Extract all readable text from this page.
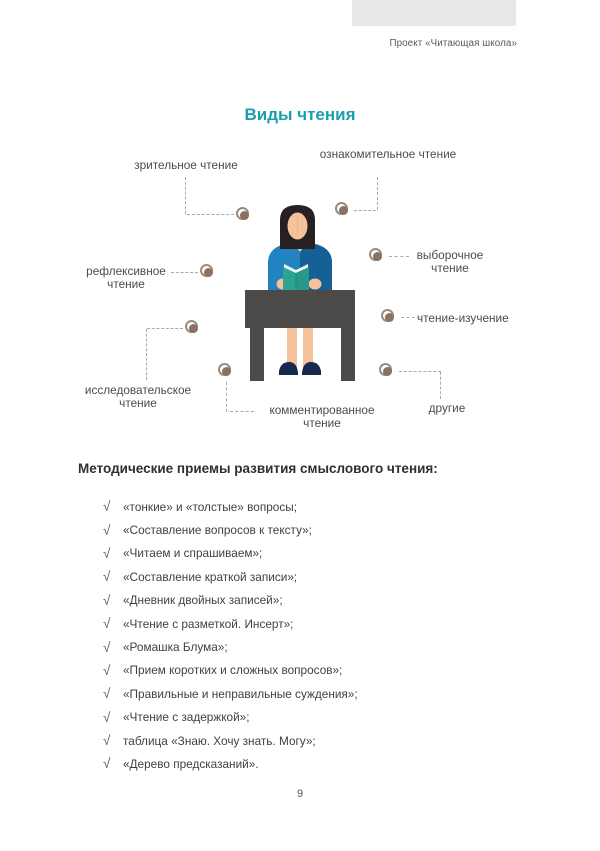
Проект «Читающая школа»
Виды чтения
зрительное чтение
ознакомительное чтение
рефлексивное
чтение
выборочное
чтение
чтение-изучение
исследовательское
чтение
комментированное
чтение
другие
Методические приемы развития смыслового чтения:
√	«тонкие» и «толстые» вопросы;
√	«Составление вопросов к тексту»;
√	«Читаем и спрашиваем»;
√	«Составление краткой записи»;
√	«Дневник двойных записей»;
√	«Чтение с разметкой. Инсерт»;
√	«Ромашка Блума»;
√	«Прием коротких и сложных вопросов»;
√	«Правильные и неправильные суждения»;
√	«Чтение с задержкой»;
√	таблица «Знаю. Хочу знать. Могу»;
√	«Дерево предсказаний».
9
